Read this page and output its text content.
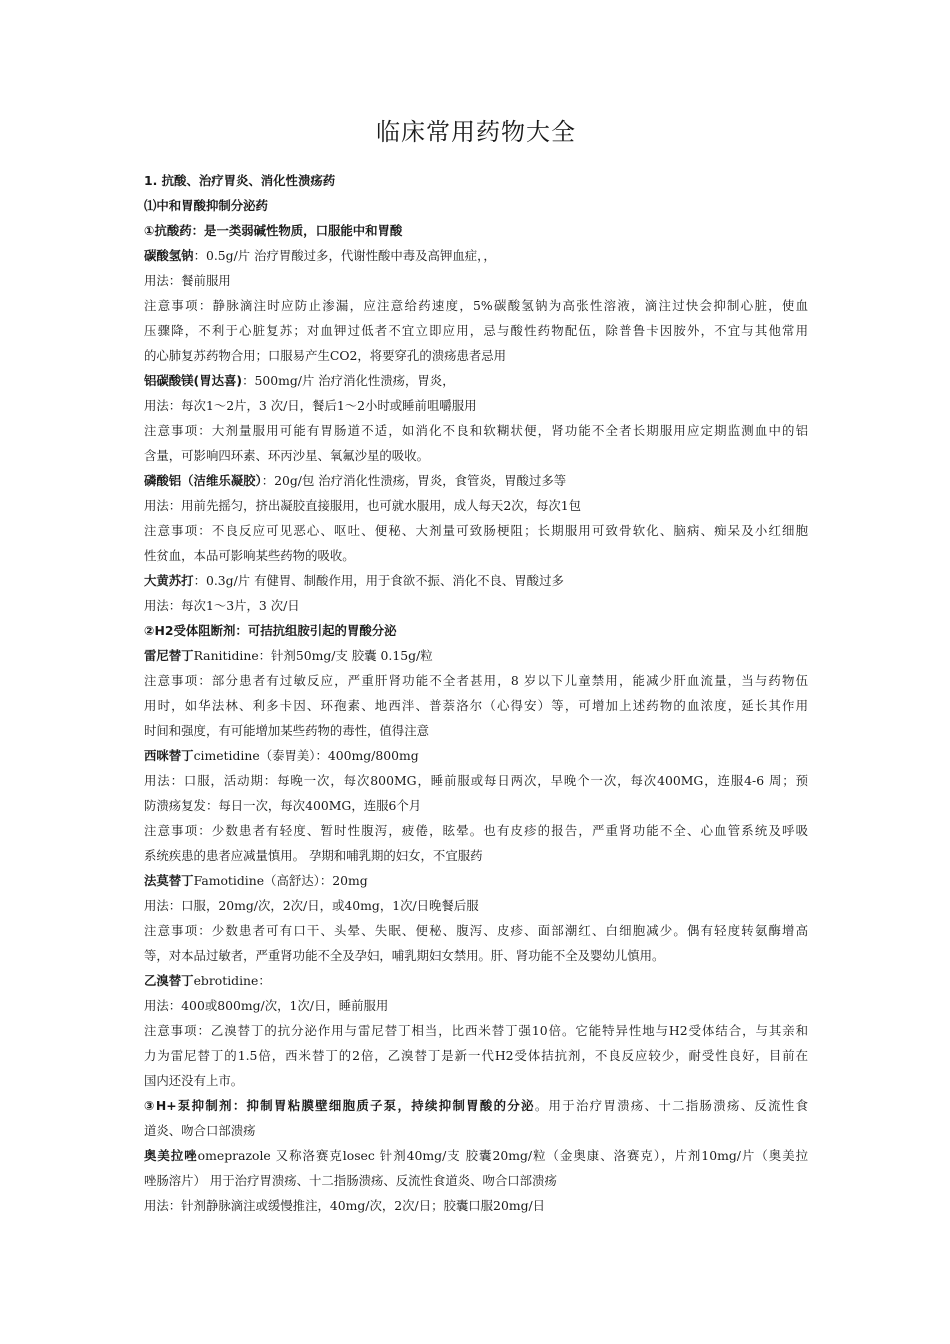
临床常用药物大全
1. 抗酸、治疗胃炎、消化性溃疡药
⑴中和胃酸抑制分泌药
①抗酸药：是一类弱碱性物质，口服能中和胃酸
碳酸氢钠：0.5g/片 治疗胃酸过多，代谢性酸中毒及高钾血症，，
用法：餐前服用
注意事项：静脉滴注时应防止渗漏，应注意给药速度，5%碳酸氢钠为高张性溶液，滴注过快会抑制心脏，使血
压骤降，不利于心脏复苏；对血钾过低者不宜立即应用，忌与酸性药物配伍，除普鲁卡因胺外，不宜与其他常用
的心肺复苏药物合用；口服易产生CO2，将要穿孔的溃疡患者忌用
铝碳酸镁(胃达喜)：500mg/片 治疗消化性溃疡，胃炎，
用法：每次1～2片，3 次/日，餐后1～2小时或睡前咀嚼服用
注意事项：大剂量服用可能有胃肠道不适，如消化不良和软糊状便，肾功能不全者长期服用应定期监测血中的铝
含量，可影响四环素、环丙沙星、氧氟沙星的吸收。
磷酸铝（洁维乐凝胶）：20g/包 治疗消化性溃疡，胃炎，食管炎，胃酸过多等
用法：用前先摇匀，挤出凝胶直接服用，也可就水服用，成人每天2次，每次1包
注意事项：不良反应可见恶心、呕吐、便秘、大剂量可致肠梗阻；长期服用可致骨软化、脑病、痴呆及小红细胞
性贫血，本品可影响某些药物的吸收。
大黄苏打：0.3g/片 有健胃、制酸作用，用于食欲不振、消化不良、胃酸过多
用法：每次1～3片，3 次/日
②H2受体阻断剂：可拮抗组胺引起的胃酸分泌
雷尼替丁Ranitidine：针剂50mg/支 胶囊 0.15g/粒
注意事项：部分患者有过敏反应，严重肝肾功能不全者甚用，8 岁以下儿童禁用，能减少肝血流量，当与药物伍
用时，如华法林、利多卡因、环孢素、地西泮、普萘洛尔（心得安）等，可增加上述药物的血浓度，延长其作用
时间和强度，有可能增加某些药物的毒性，值得注意
西咪替丁cimetidine（泰胃美）：400mg/800mg
用法：口服，活动期：每晚一次，每次800MG，睡前服或每日两次，早晚个一次，每次400MG，连服4-6 周；预
防溃疡复发：每日一次，每次400MG，连服6个月
注意事项：少数患者有轻度、暂时性腹泻，疲倦，眩晕。也有皮疹的报告，严重肾功能不全、心血管系统及呼吸
系统疾患的患者应减量慎用。 孕期和哺乳期的妇女，不宜服药
法莫替丁Famotidine（高舒达）：20mg
用法：口服，20mg/次，2次/日，或40mg，1次/日晚餐后服
注意事项：少数患者可有口干、头晕、失眠、便秘、腹泻、皮疹、面部潮红、白细胞减少。偶有轻度转氨酶增高
等，对本品过敏者，严重肾功能不全及孕妇，哺乳期妇女禁用。肝、肾功能不全及婴幼儿慎用。
乙溴替丁ebrotidine：
用法：400或800mg/次，1次/日，睡前服用
注意事项：乙溴替丁的抗分泌作用与雷尼替丁相当，比西米替丁强10倍。它能特异性地与H2受体结合，与其亲和
力为雷尼替丁的1.5倍，西米替丁的2倍，乙溴替丁是新一代H2受体拮抗剂，不良反应较少，耐受性良好，目前在
国内还没有上市。
③H+泵抑制剂：抑制胃粘膜壁细胞质子泵，持续抑制胃酸的分泌。用于治疗胃溃疡、十二指肠溃疡、反流性食
道炎、吻合口部溃疡
奥美拉唑omeprazole 又称洛赛克losec 针剂40mg/支 胶囊20mg/粒（金奥康、洛赛克），片剂10mg/片（奥美拉
唑肠溶片） 用于治疗胃溃疡、十二指肠溃疡、反流性食道炎、吻合口部溃疡
用法：针剂静脉滴注或缓慢推注，40mg/次，2次/日；胶囊口服20mg/日
